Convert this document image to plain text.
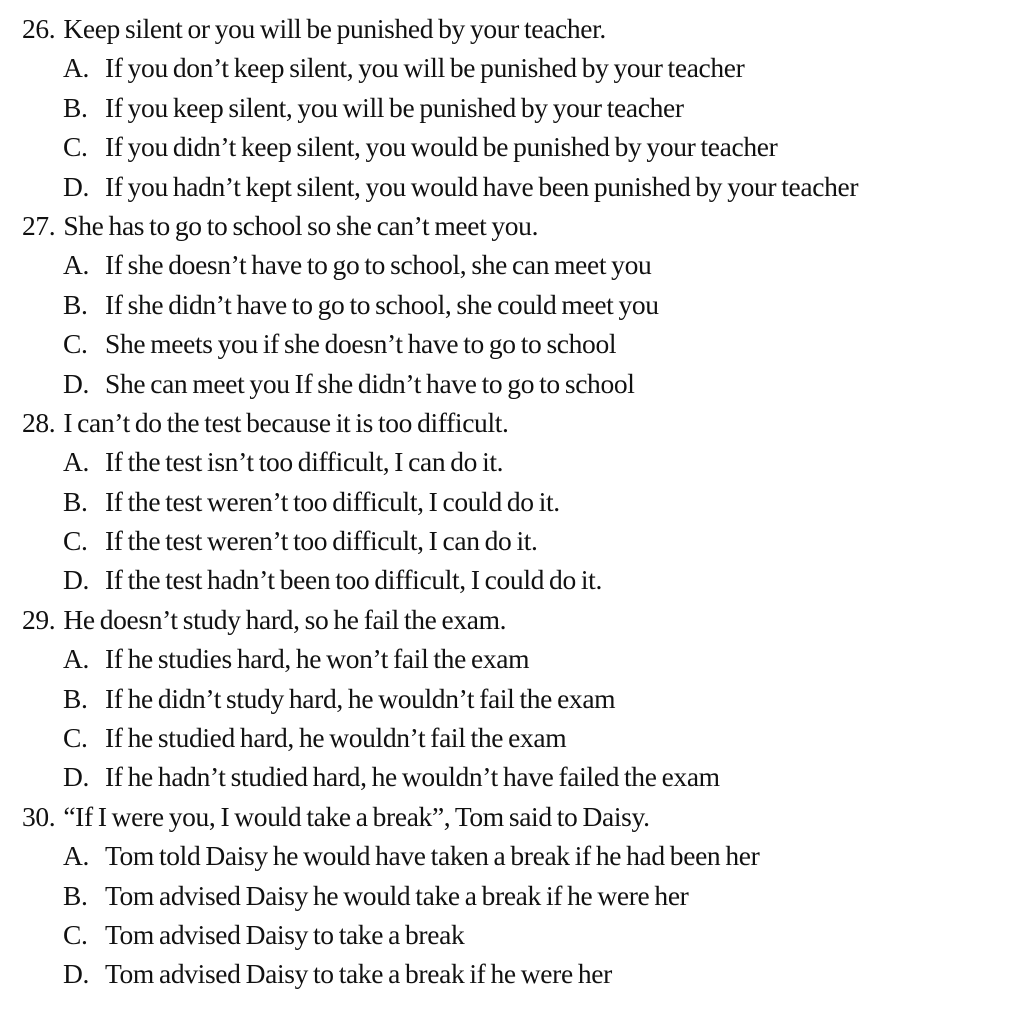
26. Keep silent or you will be punished by your teacher.
A. If you don’t keep silent, you will be punished by your teacher
B. If you keep silent, you will be punished by your teacher
C. If you didn’t keep silent, you would be punished by your teacher
D. If you hadn’t kept silent, you would have been punished by your teacher
27. She has to go to school so she can’t meet you.
A. If she doesn’t have to go to school, she can meet you
B. If she didn’t have to go to school, she could meet you
C. She meets you if she doesn’t have to go to school
D. She can meet you If she didn’t have to go to school
28. I can’t do the test because it is too difficult.
A. If the test isn’t too difficult, I can do it.
B. If the test weren’t too difficult, I could do it.
C. If the test weren’t too difficult, I can do it.
D. If the test hadn’t been too difficult, I could do it.
29. He doesn’t study hard, so he fail the exam.
A. If he studies hard, he won’t fail the exam
B. If he didn’t study hard, he wouldn’t fail the exam
C. If he studied hard, he wouldn’t fail the exam
D. If he hadn’t studied hard, he wouldn’t have failed the exam
30. “If I were you, I would take a break”, Tom said to Daisy.
A. Tom told Daisy he would have taken a break if he had been her
B. Tom advised Daisy he would take a break if he were her
C. Tom advised Daisy to take a break
D. Tom advised Daisy to take a break if he were her
